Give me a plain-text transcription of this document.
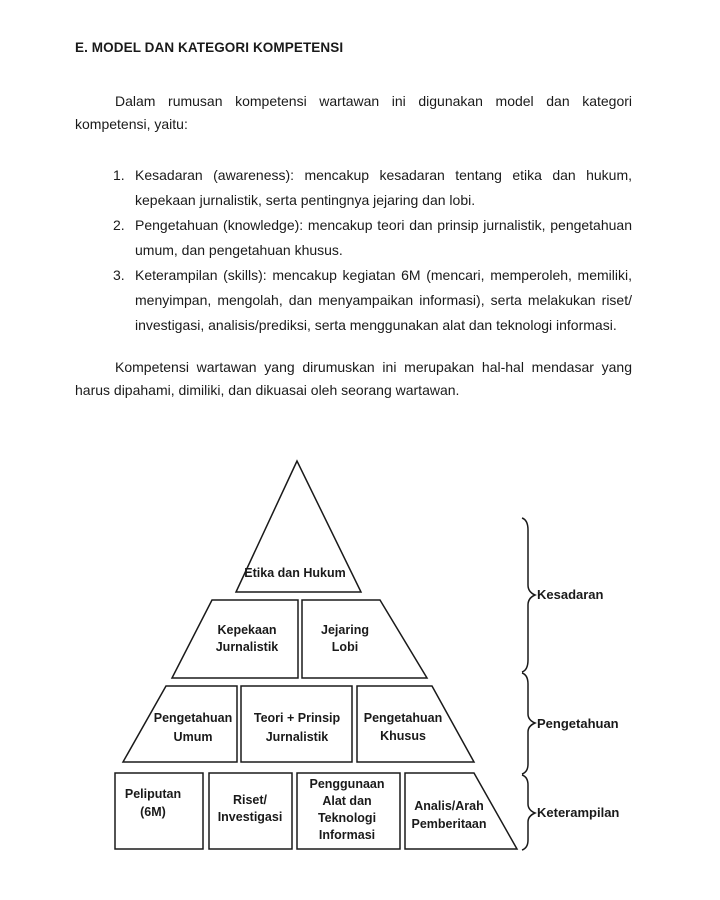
E. MODEL DAN KATEGORI KOMPETENSI

Dalam rumusan kompetensi wartawan ini digunakan model dan kategori kompetensi, yaitu:

1. Kesadaran (awareness): mencakup kesadaran tentang etika dan hukum, kepekaan jurnalistik, serta pentingnya jejaring dan lobi.
2. Pengetahuan (knowledge): mencakup teori dan prinsip jurnalistik, pengetahuan umum, dan pengetahuan khusus.
3. Keterampilan (skills): mencakup kegiatan 6M (mencari, memperoleh, memiliki, menyimpan, mengolah, dan menyampaikan informasi), serta melakukan riset/ investigasi, analisis/prediksi, serta menggunakan alat dan teknologi informasi.

Kompetensi wartawan yang dirumuskan ini merupakan hal-hal mendasar yang harus dipahami, dimiliki, dan dikuasai oleh seorang wartawan.

Etika dan Hukum
Kepekaan
Jurnalistik
Jejaring
Lobi
Pengetahuan
Umum
Teori + Prinsip
Jurnalistik
Pengetahuan
Khusus
Peliputan
(6M)
Riset/
Investigasi
Penggunaan
Alat dan
Teknologi
Informasi
Analis/Arah
Pemberitaan
Kesadaran
Pengetahuan
Keterampilan
